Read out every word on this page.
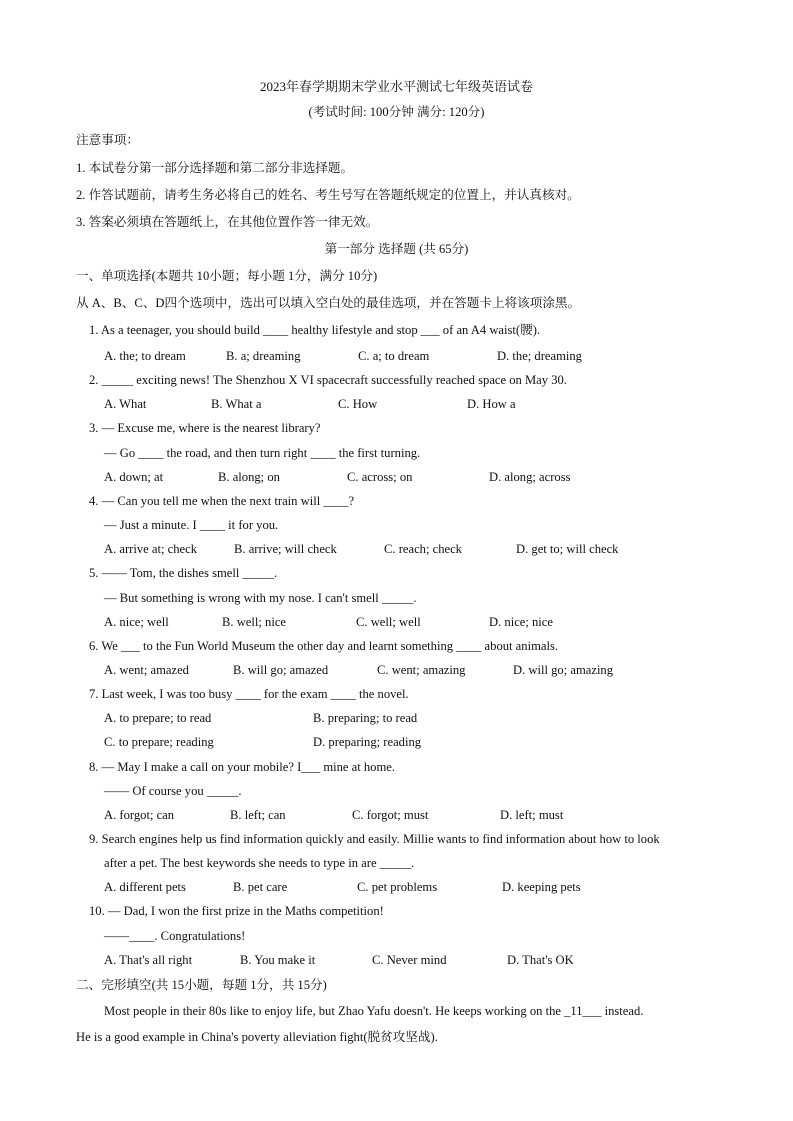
2023年春学期期末学业水平测试七年级英语试卷
(考试时间: 100分钟 满分: 120分)
注意事项：
1. 本试卷分第一部分选择题和第二部分非选择题。
2. 作答试题前，请考生务必将自己的姓名、考生号写在答题纸规定的位置上，并认真核对。
3. 答案必须填在答题纸上，在其他位置作答一律无效。
第一部分 选择题 (共 65分)
一、单项选择(本题共 10小题；每小题 1分，满分 10分)
从 A、B、C、D四个选项中，选出可以填入空白处的最佳选项，并在答题卡上将该项涂黑。
1. As a teenager, you should build ____ healthy lifestyle and stop ___ of an A4 waist(腰).
A. the; to dream	B. a; dreaming	C. a; to dream	D. the; dreaming
2. _____ exciting news! The Shenzhou X VI spacecraft successfully reached space on May 30.
A. What	B. What a	C. How	D. How a
3. — Excuse me, where is the nearest library?
— Go ____ the road, and then turn right ____ the first turning.
A. down; at	B. along; on	C. across; on	D. along; across
4. — Can you tell me when the next train will ____?
— Just a minute. I ____ it for you.
A. arrive at; check	B. arrive; will check	C. reach; check	D. get to; will check
5. —— Tom, the dishes smell _____.
— But something is wrong with my nose. I can't smell _____.
A. nice; well	B. well; nice	C. well; well	D. nice; nice
6. We ___ to the Fun World Museum the other day and learnt something ____ about animals.
A. went; amazed	B. will go; amazed	C. went; amazing	D. will go; amazing
7. Last week, I was too busy ____ for the exam ____ the novel.
A. to prepare; to read	B. preparing; to read
C. to prepare; reading	D. preparing; reading
8. — May I make a call on your mobile? I___ mine at home.
—— Of course you _____.
A. forgot; can	B. left; can	C. forgot; must	D. left; must
9. Search engines help us find information quickly and easily. Millie wants to find information about how to look
after a pet. The best keywords she needs to type in are _____.
A. different pets	B. pet care	C. pet problems	D. keeping pets
10. — Dad, I won the first prize in the Maths competition!
——____. Congratulations!
A. That's all right	B. You make it	C. Never mind	D. That's OK
二、完形填空(共 15小题，每题 1分，共 15分)
Most people in their 80s like to enjoy life, but Zhao Yafu doesn't. He keeps working on the _11___ instead.
He is a good example in China's poverty alleviation fight(脱贫攻坚战).
